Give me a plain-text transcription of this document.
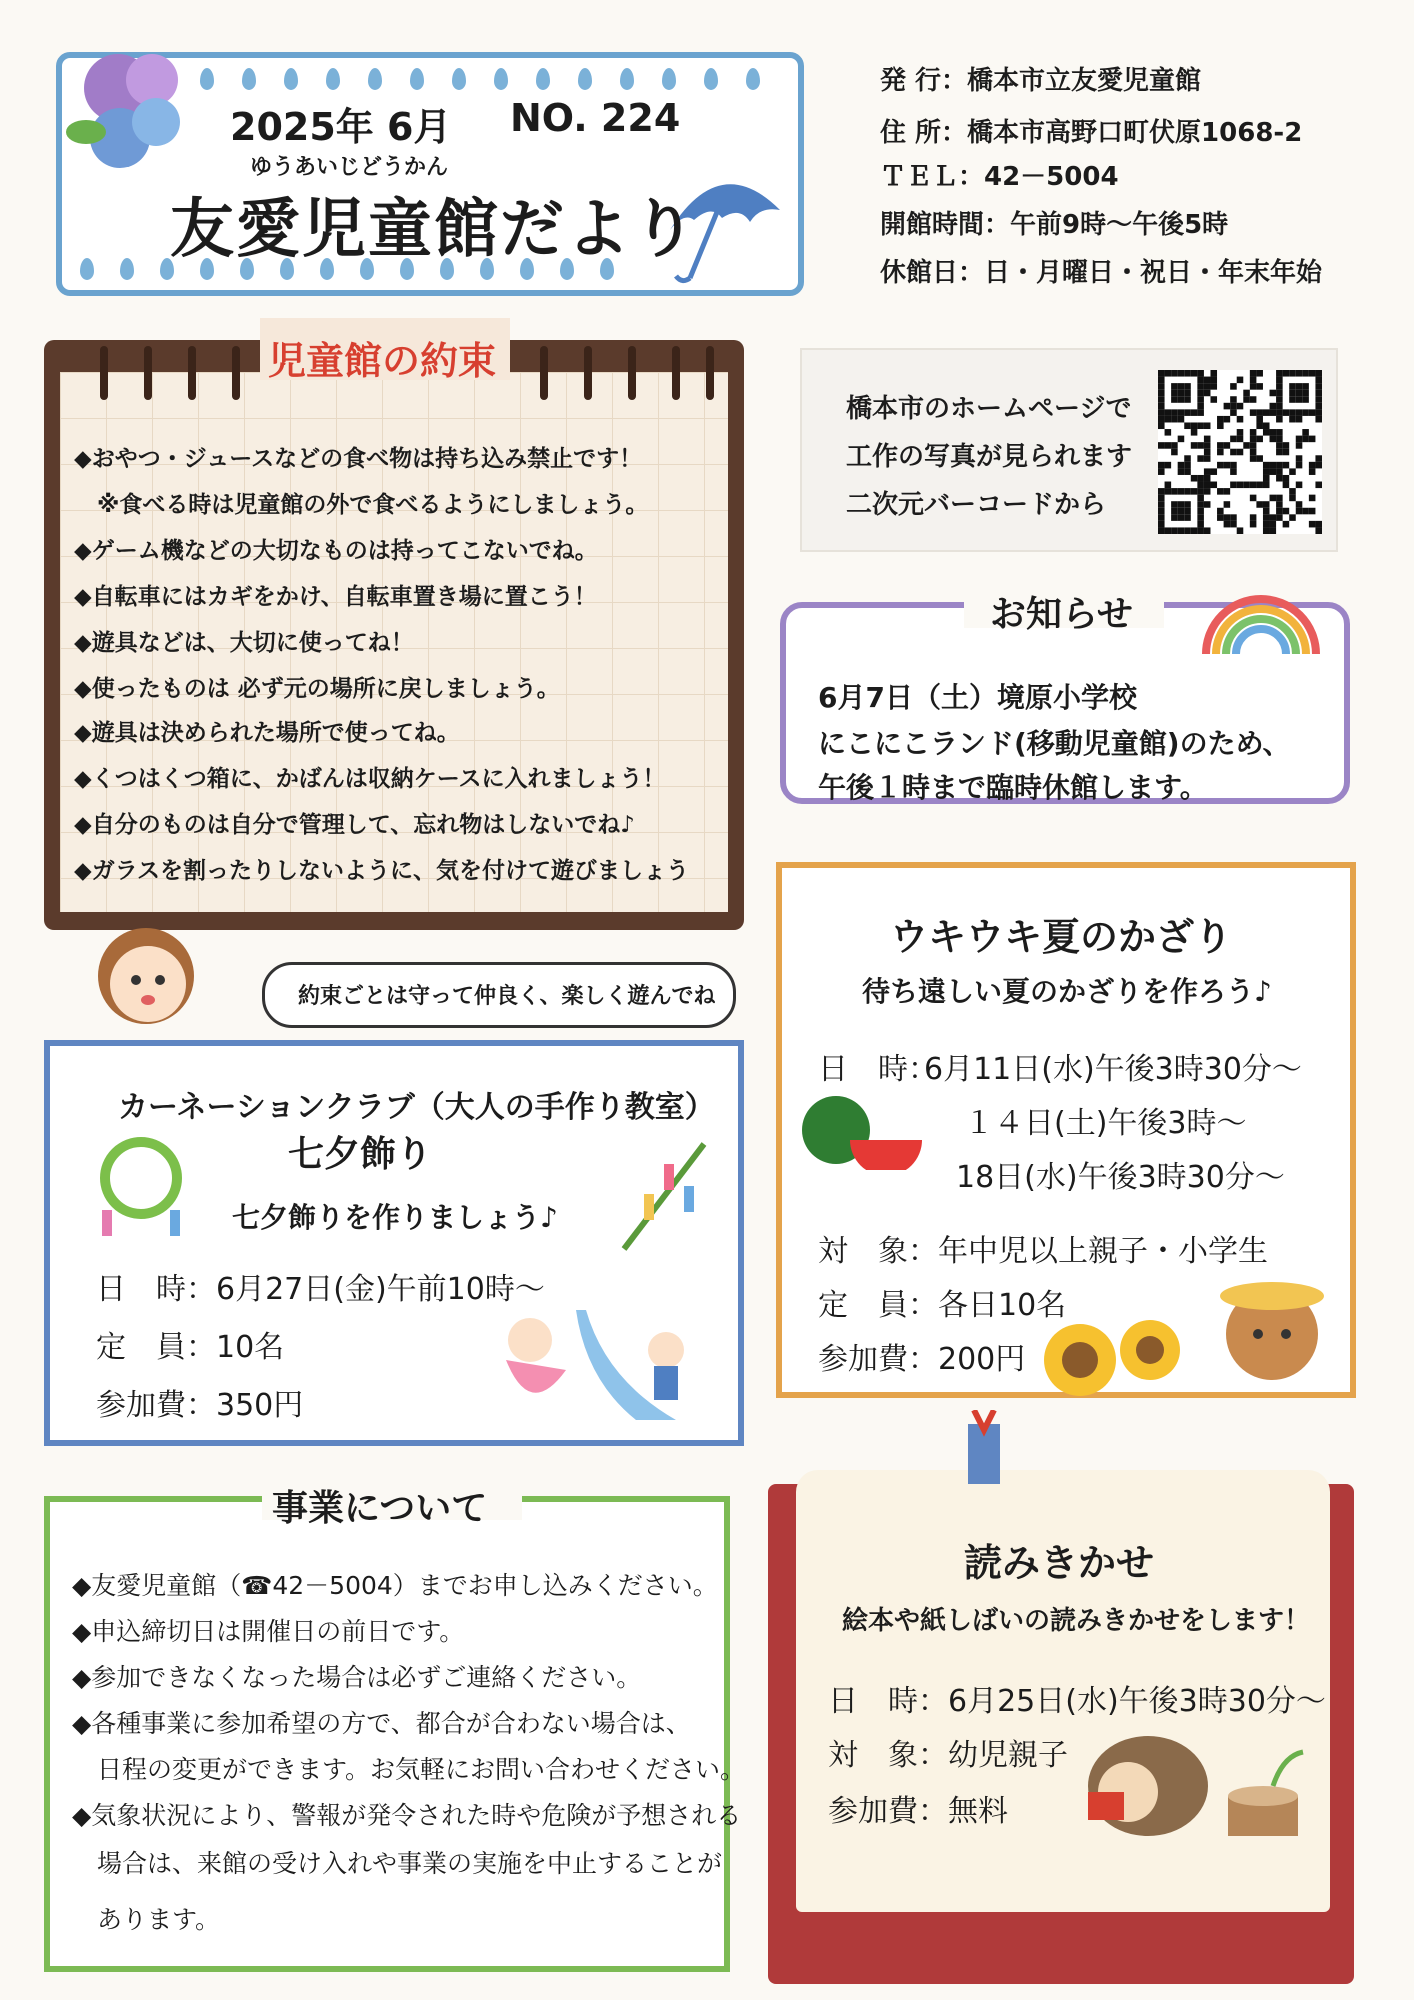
2025年 6月 NO. 224
ゆうあいじどうかん
友愛児童館だより
発 行：橋本市立友愛児童館
住 所：橋本市高野口町伏原1068-2
ＴＥＬ：42－5004
開館時間：午前9時～午後5時
休館日：日・月曜日・祝日・年末年始
児童館の約束
◆おやつ・ジュースなどの食べ物は持ち込み禁止です！
　※食べる時は児童館の外で食べるようにしましょう。
◆ゲーム機などの大切なものは持ってこないでね。
◆自転車にはカギをかけ、自転車置き場に置こう！
◆遊具などは、大切に使ってね！
◆使ったものは 必ず元の場所に戻しましょう。
◆遊具は決められた場所で使ってね。
◆くつはくつ箱に、かばんは収納ケースに入れましょう！
◆自分のものは自分で管理して、忘れ物はしないでね♪
◆ガラスを割ったりしないように、気を付けて遊びましょう
約束ごとは守って仲良く、楽しく遊んでね
橋本市のホームページで
工作の写真が見られます
二次元バーコードから
お知らせ
6月7日（土）境原小学校
にこにこランド(移動児童館)のため、
午後１時まで臨時休館します。
ウキウキ夏のかざり
待ち遠しい夏のかざりを作ろう♪
日　時：
6月11日(水)午後3時30分～
１４日(土)午後3時～
18日(水)午後3時30分～
対　象：年中児以上親子・小学生
定　員：各日10名
参加費：200円
カーネーションクラブ（大人の手作り教室）
七夕飾り
七夕飾りを作りましょう♪
日　時：6月27日(金)午前10時～
定　員：10名
参加費：350円
事業について
◆友愛児童館（☎42－5004）までお申し込みください。
◆申込締切日は開催日の前日です。
◆参加できなくなった場合は必ずご連絡ください。
◆各種事業に参加希望の方で、都合が合わない場合は、
　日程の変更ができます。お気軽にお問い合わせください。
◆気象状況により、警報が発令された時や危険が予想される
　場合は、来館の受け入れや事業の実施を中止することが
　あります。
読みきかせ
絵本や紙しばいの読みきかせをします！
日　時：6月25日(水)午後3時30分～
対　象：幼児親子
参加費：無料
